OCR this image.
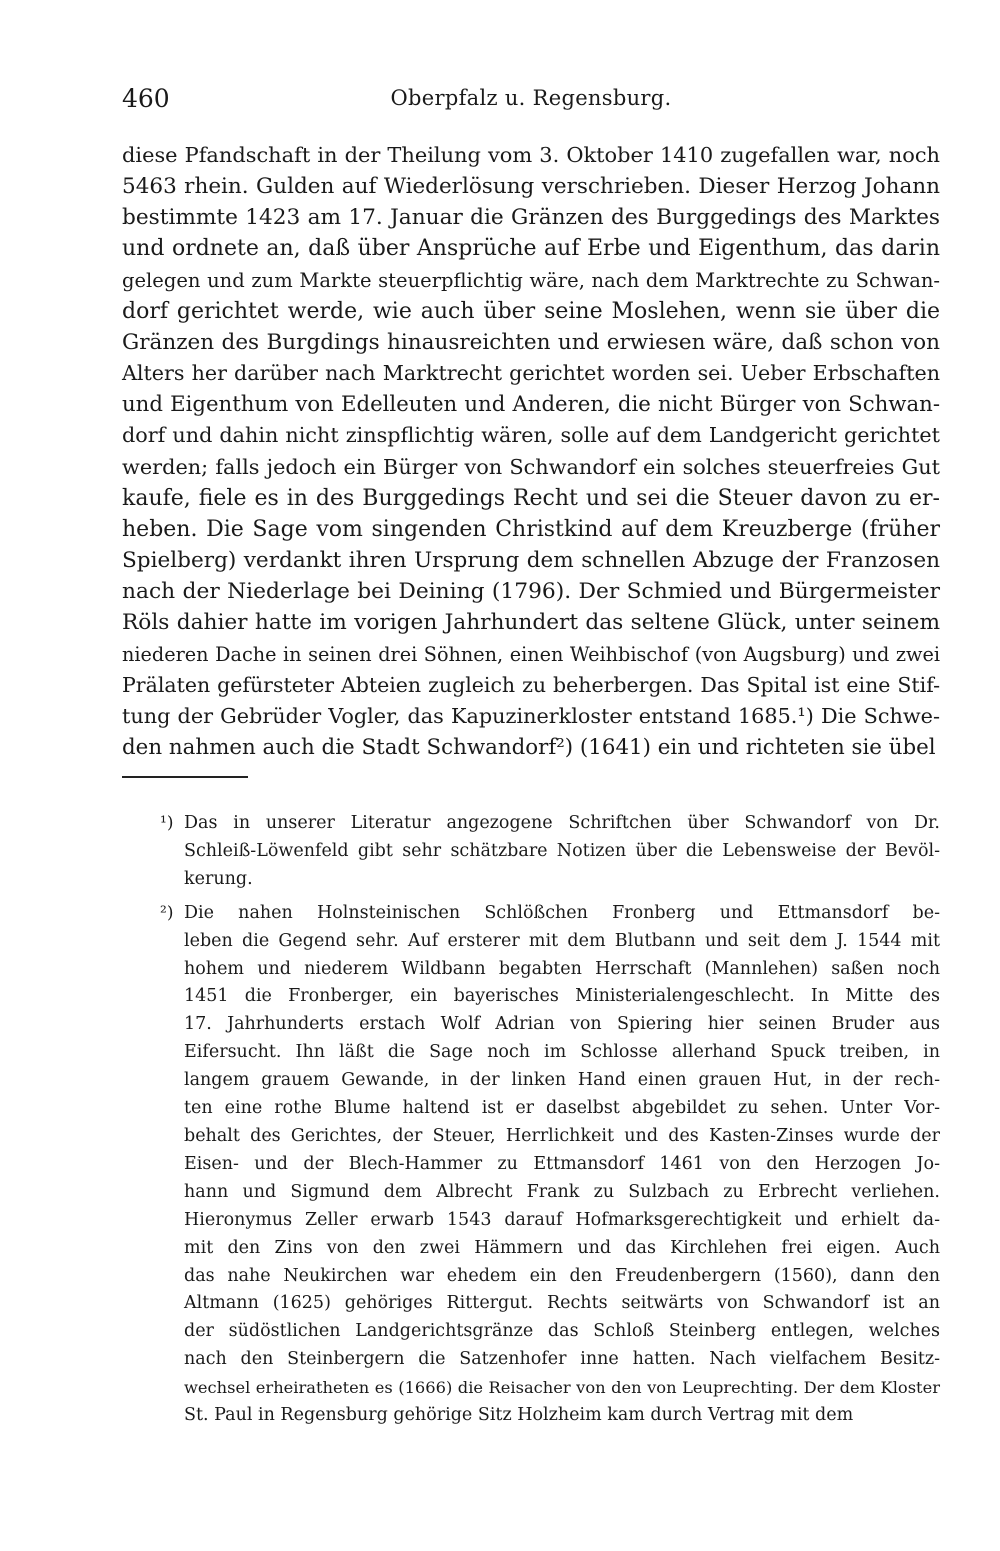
460	Oberpfalz u. Regensburg.
diese Pfandschaft in der Theilung vom 3. Oktober 1410 zugefallen war, noch
5463 rhein. Gulden auf Wiederlösung verschrieben. Dieser Herzog Johann
bestimmte 1423 am 17. Januar die Gränzen des Burggedings des Marktes
und ordnete an, daß über Ansprüche auf Erbe und Eigenthum, das darin
gelegen und zum Markte steuerpflichtig wäre, nach dem Marktrechte zu Schwan-
dorf gerichtet werde, wie auch über seine Moslehen, wenn sie über die
Gränzen des Burgdings hinausreichten und erwiesen wäre, daß schon von
Alters her darüber nach Marktrecht gerichtet worden sei. Ueber Erbschaften
und Eigenthum von Edelleuten und Anderen, die nicht Bürger von Schwan-
dorf und dahin nicht zinspflichtig wären, solle auf dem Landgericht gerichtet
werden; falls jedoch ein Bürger von Schwandorf ein solches steuerfreies Gut
kaufe, fiele es in des Burggedings Recht und sei die Steuer davon zu er-
heben. Die Sage vom singenden Christkind auf dem Kreuzberge (früher
Spielberg) verdankt ihren Ursprung dem schnellen Abzuge der Franzosen
nach der Niederlage bei Deining (1796). Der Schmied und Bürgermeister
Röls dahier hatte im vorigen Jahrhundert das seltene Glück, unter seinem
niederen Dache in seinen drei Söhnen, einen Weihbischof (von Augsburg) und zwei
Prälaten gefürsteter Abteien zugleich zu beherbergen. Das Spital ist eine Stif-
tung der Gebrüder Vogler, das Kapuzinerkloster entstand 1685.¹) Die Schwe-
den nahmen auch die Stadt Schwandorf²) (1641) ein und richteten sie übel
¹) Das in unserer Literatur angezogene Schriftchen über Schwandorf von Dr.
Schleiß-Löwenfeld gibt sehr schätzbare Notizen über die Lebensweise der Bevöl-
kerung.
²) Die nahen Holnsteinischen Schlößchen Fronberg und Ettmansdorf be-
leben die Gegend sehr. Auf ersterer mit dem Blutbann und seit dem J. 1544 mit
hohem und niederem Wildbann begabten Herrschaft (Mannlehen) saßen noch
1451 die Fronberger, ein bayerisches Ministerialengeschlecht. In Mitte des
17. Jahrhunderts erstach Wolf Adrian von Spiering hier seinen Bruder aus
Eifersucht. Ihn läßt die Sage noch im Schlosse allerhand Spuck treiben, in
langem grauem Gewande, in der linken Hand einen grauen Hut, in der rech-
ten eine rothe Blume haltend ist er daselbst abgebildet zu sehen. Unter Vor-
behalt des Gerichtes, der Steuer, Herrlichkeit und des Kasten-Zinses wurde der
Eisen- und der Blech-Hammer zu Ettmansdorf 1461 von den Herzogen Jo-
hann und Sigmund dem Albrecht Frank zu Sulzbach zu Erbrecht verliehen.
Hieronymus Zeller erwarb 1543 darauf Hofmarksgerechtigkeit und erhielt da-
mit den Zins von den zwei Hämmern und das Kirchlehen frei eigen. Auch
das nahe Neukirchen war ehedem ein den Freudenbergern (1560), dann den
Altmann (1625) gehöriges Rittergut. Rechts seitwärts von Schwandorf ist an
der südöstlichen Landgerichtsgränze das Schloß Steinberg entlegen, welches
nach den Steinbergern die Satzenhofer inne hatten. Nach vielfachem Besitz-
wechsel erheiratheten es (1666) die Reisacher von den von Leuprechting. Der dem Kloster
St. Paul in Regensburg gehörige Sitz Holzheim kam durch Vertrag mit dem
